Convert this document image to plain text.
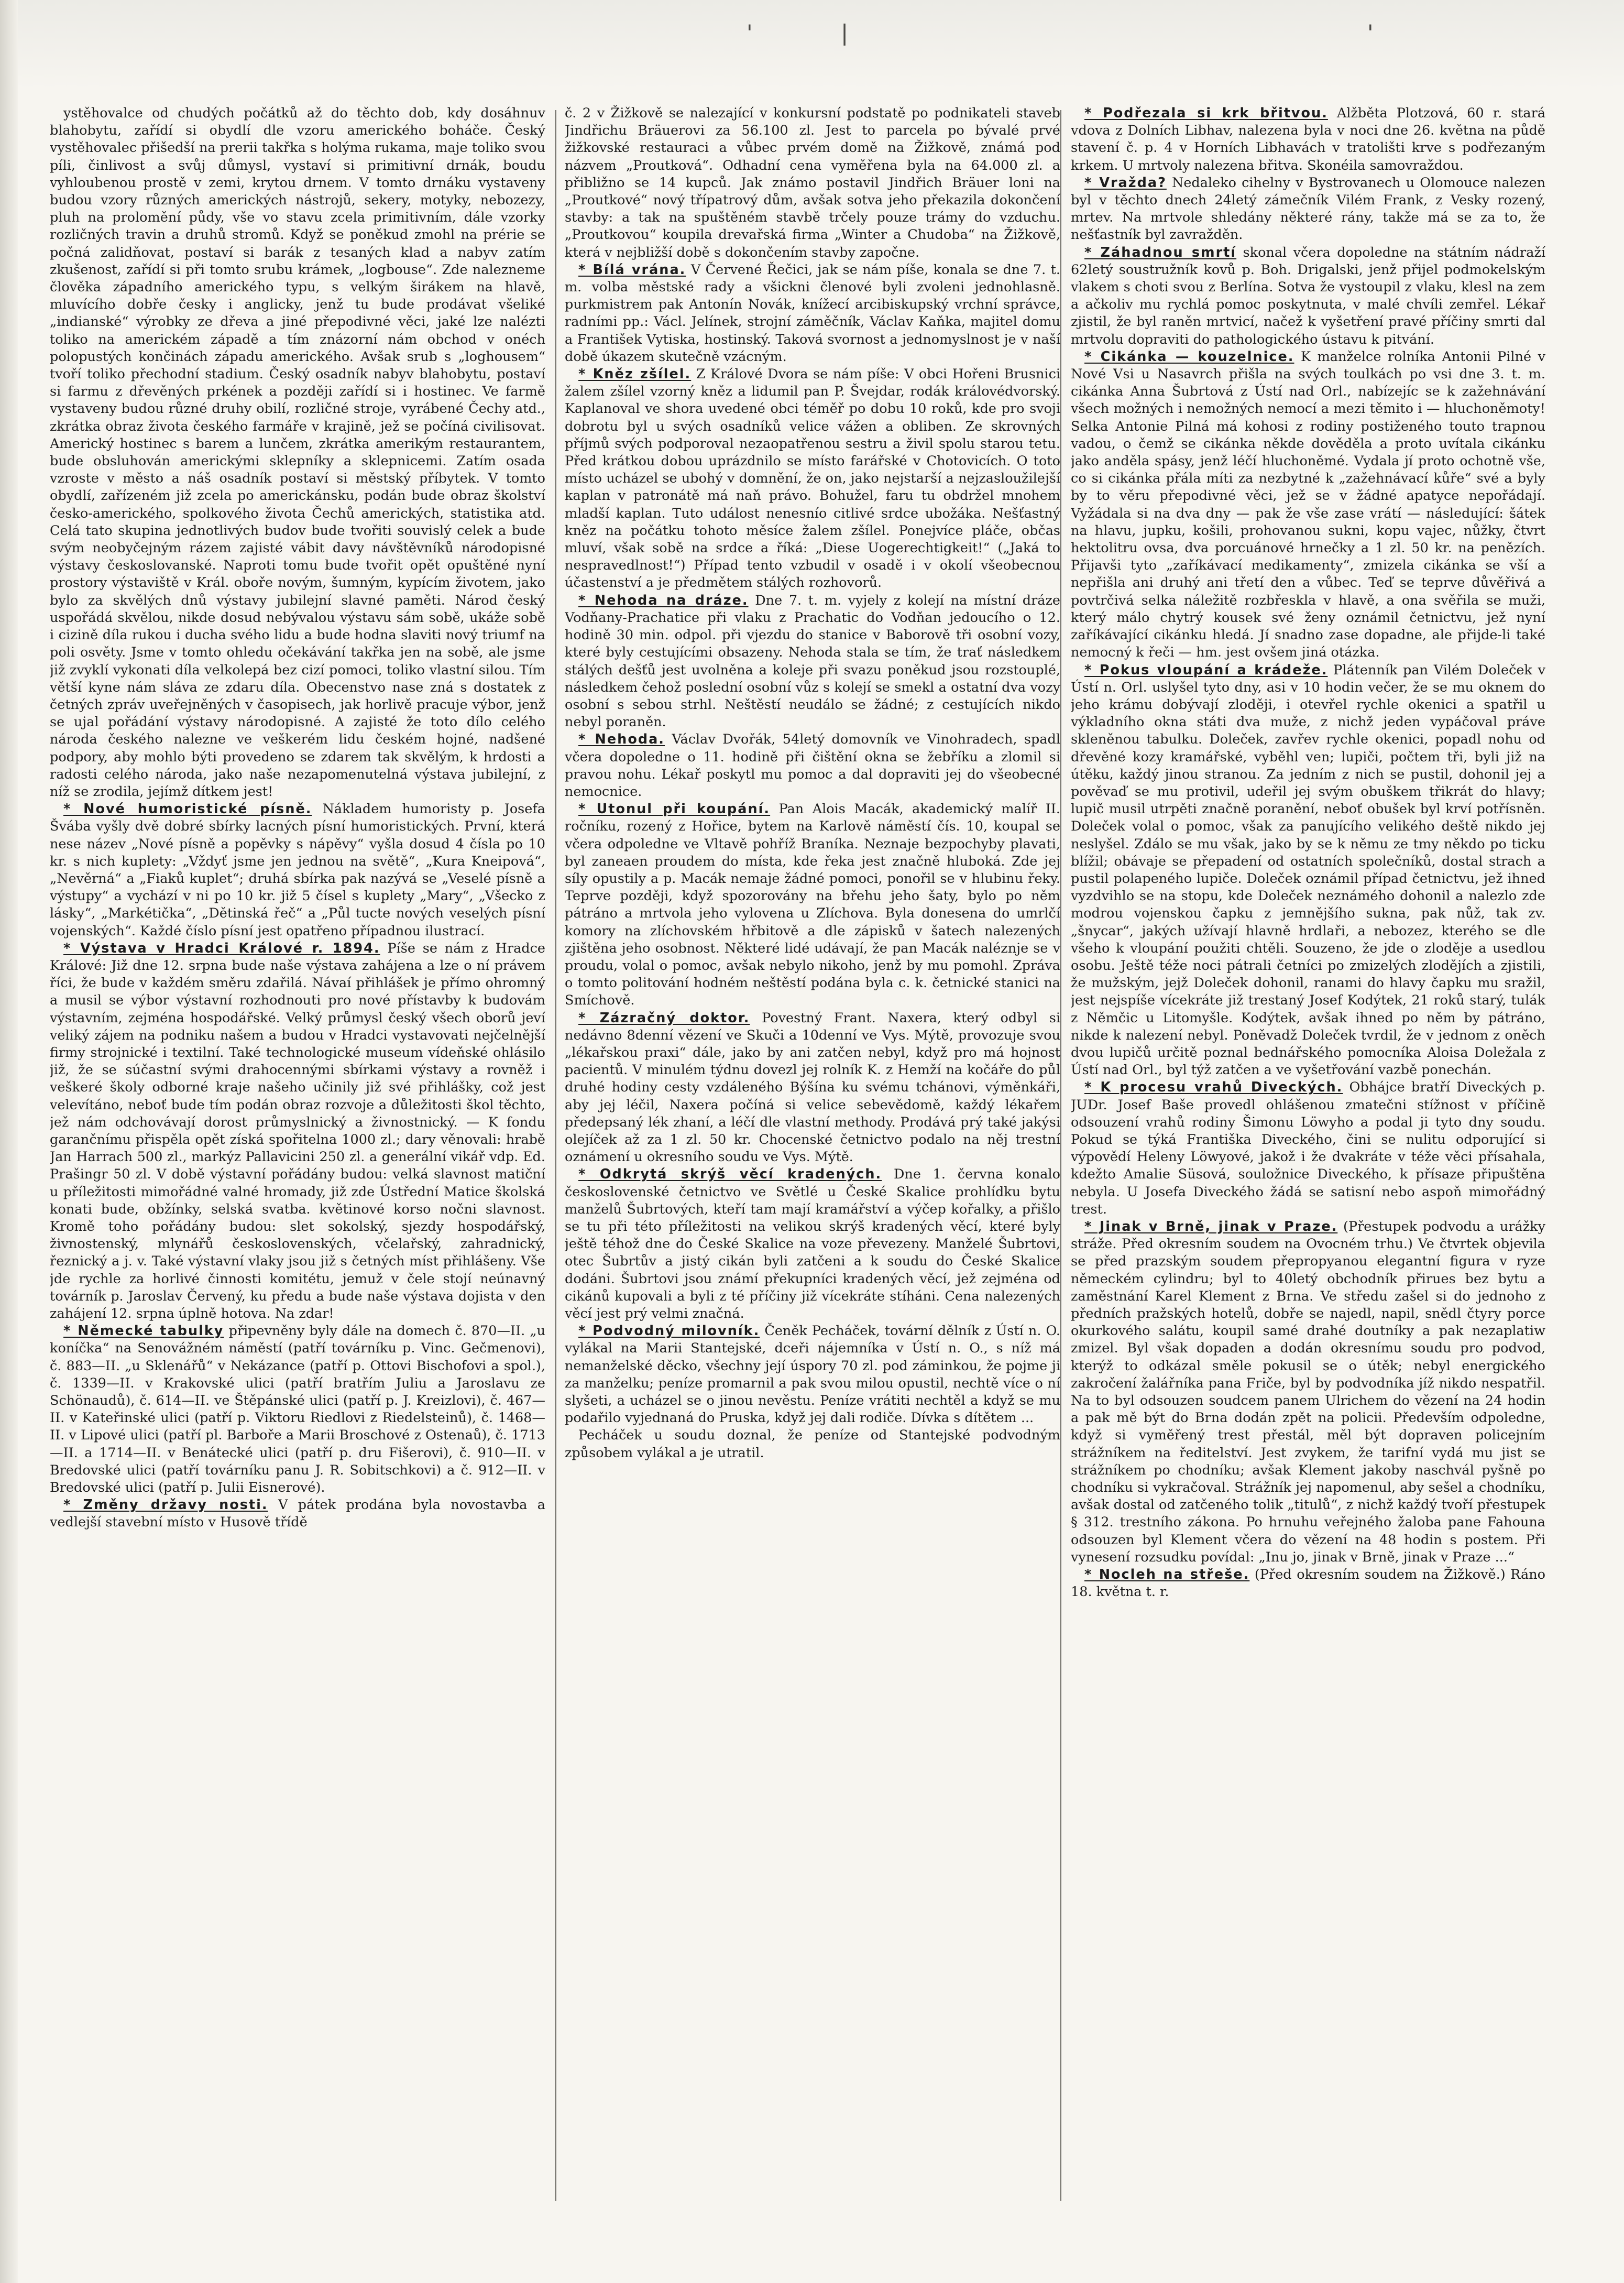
'	|	'

ystěhovalce od chudých počátků až do těchto dob, kdy dosáhnuv blahobytu, zařídí si obydlí dle vzoru amerického boháče. Český vystěhovalec přišedší na prerii takřka s holýma rukama, maje toliko svou píli, činlivost a svůj důmysl, vystaví si primitivní drnák, boudu vyhloubenou prostě v zemi, krytou drnem. V tomto drnáku vystaveny budou vzory různých amerických nástrojů, sekery, motyky, nebozezy, pluh na prolomění půdy, vše vo stavu zcela primitivním, dále vzorky rozličných travin a druhů stromů. Když se poněkud zmohl na prérie se počná zalidňovat, postaví si barák z tesaných klad a nabyv zatím zkušenost, zařídí si při tomto srubu krámek, „logbouse“. Zde nalezneme člověka západního amerického typu, s velkým širákem na hlavě, mluvícího dobře česky i anglicky, jenž tu bude prodávat všeliké „indianské“ výrobky ze dřeva a jiné přepodivné věci, jaké lze nalézti toliko na americkém západě a tím znázorní nám obchod v onéch polopustých končinách západu amerického. Avšak srub s „loghousem“ tvoří toliko přechodní stadium. Český osadník nabyv blahobytu, postaví si farmu z dřevěných prkének a později zařídí si i hostinec. Ve farmě vystaveny budou různé druhy obilí, rozličné stroje, vyrábené Čechy atd., zkrátka obraz života českého farmáře v krajině, jež se počíná civilisovat. Americký hostinec s barem a lunčem, zkrátka amerikým restaurantem, bude obsluhován americkými sklepníky a sklepnicemi. Zatím osada vzroste v město a náš osadník postaví si městský příbytek. V tomto obydlí, zařízeném již zcela po americkánsku, podán bude obraz školství česko-amerického, spolkového života Čechů amerických, statistika atd. Celá tato skupina jednotlivých budov bude tvořiti souvislý celek a bude svým neobyčejným rázem zajisté vábit davy návštěvníků národopisné výstavy českoslovanské. Naproti tomu bude tvořit opět opuštěné nyní prostory výstaviště v Král. oboře novým, šumným, kypícím životem, jako bylo za skvělých dnů výstavy jubilejní slavné paměti. Národ český uspořádá skvělou, nikde dosud nebývalou výstavu sám sobě, ukáže sobě i cizině díla rukou i ducha svého lidu a bude hodna slaviti nový triumf na poli osvěty. Jsme v tomto ohledu očekávání takřka jen na sobě, ale jsme již zvyklí vykonati díla velkolepá bez cizí pomoci, toliko vlastní silou. Tím větší kyne nám sláva ze zdaru díla. Obecenstvo nase zná s dostatek z četných zpráv uveřejněných v časopisech, jak horlivě pracuje výbor, jenž se ujal pořádání výstavy národopisné. A zajisté že toto dílo celého národa českého nalezne ve veškerém lidu českém hojné, nadšené podpory, aby mohlo býti provedeno se zdarem tak skvělým, k hrdosti a radosti celého národa, jako naše nezapomenutelná výstava jubilejní, z níž se zrodila, jejímž dítkem jest!

* Nové humoristické písně. Nákladem humoristy p. Josefa Švába vyšly dvě dobré sbírky lacných písní humoristických. První, která nese název „Nové písně a popěvky s nápěvy“ vyšla dosud 4 čísla po 10 kr. s nich kuplety: „Vždyť jsme jen jednou na světě“, „Kura Kneipová“, „Nevěrná“ a „Fiaků kuplet“; druhá sbírka pak nazývá se „Veselé písně a výstupy“ a vychází v ni po 10 kr. již 5 čísel s kuplety „Mary“, „Všecko z lásky“, „Markétička“, „Dětinská řeč“ a „Půl tucte nových veselých písní vojenských“. Každé číslo písní jest opatřeno případnou ilustrací.

* Výstava v Hradci Králové r. 1894. Píše se nám z Hradce Králové: Již dne 12. srpna bude naše výstava zahájena a lze o ní právem říci, že bude v každém směru zdařilá. Návaí přihlášek je přímo ohromný a musil se výbor výstavní rozhodnouti pro nové přístavby k budovám výstavním, zejména hospodářské. Velký průmysl český všech oborů jeví veliký zájem na podniku našem a budou v Hradci vystavovati nejčelnější firmy strojnické i textilní. Také technologické museum vídeňské ohlásilo již, že se súčastní svými drahocennými sbírkami výstavy a rovněž i veškeré školy odborné kraje našeho učinily již své přihlášky, což jest velevítáno, neboť bude tím podán obraz rozvoje a důležitosti škol těchto, jež nám odchovávají dorost průmyslnický a živnostnický. — K fondu garančnímu přispěla opět získá spořitelna 1000 zl.; dary věnovali: hrabě Jan Harrach 500 zl., markýz Pallavicini 250 zl. a generální vikář vdp. Ed. Prašingr 50 zl. V době výstavní pořádány budou: velká slavnost matiční u příležitosti mimořádné valné hromady, již zde Ústřední Matice školská konati bude, obžínky, selská svatba. květinové korso nočni slavnost. Kromě toho pořádány budou: slet sokolský, sjezdy hospodářský, živnostenský, mlynářů československých, včelařský, zahradnický, řeznický a j. v. Také výstavní vlaky jsou již s četných míst přihlášeny. Vše jde rychle za horlivé činnosti komitétu, jemuž v čele stojí neúnavný továrník p. Jaroslav Červený, ku předu a bude naše výstava dojista v den zahájení 12. srpna úplně hotova. Na zdar!

* Německé tabulky připevněny byly dále na domech č. 870—II. „u koníčka“ na Senovážném náměstí (patří továrníku p. Vinc. Gečmenovi), č. 883—II. „u Sklenářů“ v Nekázance (patří p. Ottovi Bischofovi a spol.), č. 1339—II. v Krakovské ulici (patří bratřím Juliu a Jaroslavu ze Schönaudů), č. 614—II. ve Štěpánské ulici (patří p. J. Kreizlovi), č. 467—II. v Kateřinské ulici (patří p. Viktoru Riedlovi z Riedelsteinů), č. 1468—II. v Lipové ulici (patří pl. Barboře a Marii Broschové z Ostenaů), č. 1713—II. a 1714—II. v Benátecké ulici (patří p. dru Fišerovi), č. 910—II. v Bredovské ulici (patří továrníku panu J. R. Sobitschkovi) a č. 912—II. v Bredovské ulici (patří p. Julii Eisnerové).

* Změny državy nosti. V pátek prodána byla novostavba a vedlejší stavební místo v Husově třídě

č. 2 v Žižkově se nalezající v konkursní podstatě po podnikateli staveb Jindřichu Bräuerovi za 56.100 zl. Jest to parcela po bývalé prvé žižkovské restauraci a vůbec prvém domě na Žižkově, známá pod názvem „Proutková“. Odhadní cena vyměřena byla na 64.000 zl. a přibližno se 14 kupců. Jak známo postavil Jindřich Bräuer loni na „Proutkové“ nový třípatrový dům, avšak sotva jeho překazila dokončení stavby: a tak na spuštěném stavbě trčely pouze trámy do vzduchu. „Proutkovou“ koupila drevařská firma „Winter a Chudoba“ na Žižkově, která v nejbližší době s dokončením stavby započne.

* Bílá vrána. V Červené Řečici, jak se nám píše, konala se dne 7. t. m. volba městské rady a všickni členové byli zvoleni jednohlasně. purkmistrem pak Antonín Novák, knížecí arcibiskupský vrchní správce, radními pp.: Václ. Jelínek, strojní záměčník, Václav Kaňka, majitel domu a František Vytiska, hostinský. Taková svornost a jednomyslnost je v naší době úkazem skutečně vzácným.

* Kněz zšílel. Z Králové Dvora se nám píše: V obci Hořeni Brusnici žalem zšílel vzorný kněz a lidumil pan P. Švejdar, rodák královédvorský. Kaplanoval ve shora uvedené obci téměř po dobu 10 roků, kde pro svoji dobrotu byl u svých osadníků velice vážen a obliben. Ze skrovných příjmů svých podporoval nezaopatřenou sestru a živil spolu starou tetu. Před krátkou dobou uprázdnilo se místo farářské v Chotovicích. O toto místo ucházel se ubohý v domnění, že on, jako nejstarší a nejzasloužilejší kaplan v patronátě má naň právo. Bohužel, faru tu obdržel mnohem mladší kaplan. Tuto událost nenesnío citlivé srdce ubožáka. Nešťastný kněz na počátku tohoto měsíce žalem zšílel. Ponejvíce pláče, občas mluví, však sobě na srdce a říká: „Diese Uogerechtigkeit!“ („Jaká to nespravedlnost!“) Případ tento vzbudil v osadě i v okolí všeobecnou účastenství a je předmětem stálých rozhovorů.

* Nehoda na dráze. Dne 7. t. m. vyjely z kolejí na místní dráze Vodňany-Prachatice při vlaku z Prachatic do Vodňan jedoucího o 12. hodině 30 min. odpol. při vjezdu do stanice v Baborově tři osobní vozy, které byly cestujícími obsazeny. Nehoda stala se tím, že trať následkem stálých dešťů jest uvolněna a koleje při svazu poněkud jsou rozstouplé, následkem čehož poslední osobní vůz s kolejí se smekl a ostatní dva vozy osobní s sebou strhl. Neštěstí neudálo se žádné; z cestujících nikdo nebyl poraněn.

* Nehoda. Václav Dvořák, 54letý domovník ve Vinohradech, spadl včera dopoledne o 11. hodině při čištění okna se žebříku a zlomil si pravou nohu. Lékař poskytl mu pomoc a dal dopraviti jej do všeobecné nemocnice.

* Utonul při koupání. Pan Alois Macák, akademický malíř II. ročníku, rozený z Hořice, bytem na Karlově náměstí čís. 10, koupal se včera odpoledne ve Vltavě pohříž Braníka. Neznaje bezpochyby plavati, byl zaneaen proudem do místa, kde řeka jest značně hluboká. Zde jej síly opustily a p. Macák nemaje žádné pomoci, ponořil se v hlubinu řeky. Teprve později, když spozorovány na břehu jeho šaty, bylo po něm pátráno a mrtvola jeho vylovena u Zlíchova. Byla donesena do umrlčí komory na zlíchovském hřbitově a dle zápisků v šatech nalezených zjištěna jeho osobnost. Některé lidé udávají, že pan Macák naléznje se v proudu, volal o pomoc, avšak nebylo nikoho, jenž by mu pomohl. Zpráva o tomto politování hodném neštěstí podána byla c. k. četnické stanici na Smíchově.

* Zázračný doktor. Povestný Frant. Naxera, který odbyl si nedávno 8denní vězení ve Skuči a 10denní ve Vys. Mýtě, provozuje svou „lékařskou praxi“ dále, jako by ani zatčen nebyl, když pro má hojnost pacientů. V minulém týdnu dovezl jej rolník K. z Hemží na kočáře do půl druhé hodiny cesty vzdáleného Býšína ku svému tchánovi, výměnkáři, aby jej léčil, Naxera počíná si velice sebevědomě, každý lékařem předepsaný lék zhaní, a léčí dle vlastní methody. Prodává prý také jakýsi olejíček až za 1 zl. 50 kr. Chocenské četnictvo podalo na něj trestní oznámení u okresního soudu ve Vys. Mýtě.

* Odkrytá skrýš věcí kradených. Dne 1. června konalo československé četnictvo ve Světlé u České Skalice prohlídku bytu manželů Šubrtových, kteří tam mají kramářství a výčep kořalky, a přišlo se tu při této příležitosti na velikou skrýš kradených věcí, které byly ještě téhož dne do České Skalice na voze převezeny. Manželé Šubrtovi, otec Šubrtův a jistý cikán byli zatčeni a k soudu do České Skalice dodáni. Šubrtovi jsou známí překupníci kradených věcí, jež zejména od cikánů kupovali a byli z té příčiny již vícekráte stíháni. Cena nalezených věcí jest prý velmi značná.

* Podvodný milovník. Čeněk Pecháček, tovární dělník z Ústí n. O. vylákal na Marii Stantejské, dceři nájemníka v Ústí n. O., s níž má nemanželské děcko, všechny její úspory 70 zl. pod záminkou, že pojme ji za manželku; peníze promarnil a pak svou milou opustil, nechtě více o ní slyšeti, a ucházel se o jinou nevěstu. Peníze vrátiti nechtěl a když se mu podařilo vyjednaná do Pruska, když jej dali rodiče. Dívka s dítětem ...

Pecháček u soudu doznal, že peníze od Stantejské podvodným způsobem vylákal a je utratil.

* Podřezala si krk břitvou. Alžběta Plotzová, 60 r. stará vdova z Dolních Libhav, nalezena byla v noci dne 26. května na půdě stavení č. p. 4 v Horních Libhavách v tratolišti krve s podřezaným krkem. U mrtvoly nalezena břitva. Skonéila samovraždou.

* Vražda? Nedaleko cihelny v Bystrovanech u Olomouce nalezen byl v těchto dnech 24letý zámečník Vilém Frank, z Vesky rozený, mrtev. Na mrtvole shledány některé rány, takže má se za to, že nešťastník byl zavražděn.

* Záhadnou smrtí skonal včera dopoledne na státním nádraží 62letý soustružník kovů p. Boh. Drigalski, jenž přijel podmokelským vlakem s choti svou z Berlína. Sotva že vystoupil z vlaku, klesl na zem a ačkoliv mu rychlá pomoc poskytnuta, v malé chvíli zemřel. Lékař zjistil, že byl raněn mrtvicí, načež k vyšetření pravé příčiny smrti dal mrtvolu dopraviti do pathologického ústavu k pitvání.

* Cikánka — kouzelnice. K manželce rolníka Antonii Pilné v Nové Vsi u Nasavrch přišla na svých toulkách po vsi dne 3. t. m. cikánka Anna Šubrtová z Ústí nad Orl., nabízejíc se k zažehnávání všech možných i nemožných nemocí a mezi těmito i — hluchoněmoty! Selka Antonie Pilná má kohosi z rodiny postiženého touto trapnou vadou, o čemž se cikánka někde dověděla a proto uvítala cikánku jako anděla spásy, jenž léčí hluchoněmé. Vydala jí proto ochotně vše, co si cikánka přála míti za nezbytné k „zažehnávací kůře“ své a byly by to věru přepodivné věci, jež se v žádné apatyce nepořádají. Vyžádala si na dva dny — pak že vše zase vrátí — následující: šátek na hlavu, jupku, košili, prohovanou sukni, kopu vajec, nůžky, čtvrt hektolitru ovsa, dva porcuánové hrnečky a 1 zl. 50 kr. na penězích. Přijavši tyto „zaříkávací medikamenty“, zmizela cikánka se vší a nepřišla ani druhý ani třetí den a vůbec. Teď se teprve důvěřivá a povtrčivá selka náležitě rozbřeskla v hlavě, a ona svěřila se muži, který málo chytrý kousek své ženy oznámil četnictvu, jež nyní zaříkávající cikánku hledá. Jí snadno zase dopadne, ale přijde-li také nemocný k řeči — hm. jest ovšem jiná otázka.

* Pokus vloupání a krádeže. Plátenník pan Vilém Doleček v Ústí n. Orl. uslyšel tyto dny, asi v 10 hodin večer, že se mu oknem do jeho krámu dobývají zloději, i otevřel rychle okenici a spatřil u výkladního okna státi dva muže, z nichž jeden vypáčoval práve skleněnou tabulku. Doleček, zavřev rychle okenici, popadl nohu od dřevěné kozy kramářské, vyběhl ven; lupiči, počtem tři, byli již na útěku, každý jinou stranou. Za jedním z nich se pustil, dohonil jej a pověvaď se mu protivil, udeřil jej svým obuškem třikrát do hlavy; lupič musil utrpěti značně poranění, neboť obušek byl krví potřísněn. Doleček volal o pomoc, však za panujícího velikého deště nikdo jej neslyšel. Zdálo se mu však, jako by se k němu ze tmy někdo po ticku blížil; obávaje se přepadení od ostatních společníků, dostal strach a pustil polapeného lupiče. Doleček oznámil případ četnictvu, jež ihned vyzdvihlo se na stopu, kde Doleček neznámého dohonil a nalezlo zde modrou vojenskou čapku z jemnějšího sukna, pak nůž, tak zv. „šnycar“, jakých užívají hlavně hrdlaři, a nebozez, kterého se dle všeho k vloupání použiti chtěli. Souzeno, že jde o zloděje a usedlou osobu. Ještě téže noci pátrali četníci po zmizelých zlodějích a zjistili, že mužským, jejž Doleček dohonil, ranami do hlavy čapku mu sražil, jest nejspíše vícekráte již trestaný Josef Kodýtek, 21 roků starý, tulák z Němčic u Litomyšle. Kodýtek, avšak ihned po něm by pátráno, nikde k nalezení nebyl. Poněvadž Doleček tvrdil, že v jednom z oněch dvou lupičů určitě poznal bednářského pomocníka Aloisa Doležala z Ústí nad Orl., byl týž zatčen a ve vyšetřování vazbě ponechán.

* K procesu vrahů Diveckých. Obhájce bratří Diveckých p. JUDr. Josef Baše provedl ohlášenou zmatečni stížnost v příčině odsouzení vrahů rodiny Šimonu Löwyho a podal ji tyto dny soudu. Pokud se týká Františka Diveckého, čini se nulitu odporující si výpovědí Heleny Löwyové, jakož i že dvakráte v téže věci přísahala, kdežto Amalie Süsová, souložnice Diveckého, k přísaze připuštěna nebyla. U Josefa Diveckého žádá se satisní nebo aspoň mimořádný trest.

* Jinak v Brně, jinak v Praze. (Přestupek podvodu a urážky stráže. Před okresním soudem na Ovocném trhu.) Ve čtvrtek objevila se před prazským soudem přepropyanou elegantní figura v ryze německém cylindru; byl to 40letý obchodník přirues bez bytu a zaměstnání Karel Klement z Brna. Ve středu zašel si do jednoho z předních pražských hotelů, dobře se najedl, napil, snědl čtyry porce okurkového salátu, koupil samé drahé doutníky a pak nezaplatiw zmizel. Byl však dopaden a dodán okresnímu soudu pro podvod, kterýž to odkázal směle pokusil se o útěk; nebyl energického zakročení žalářníka pana Friče, byl by podvodníka jíž nikdo nespatřil. Na to byl odsouzen soudcem panem Ulrichem do vězení na 24 hodin a pak mě být do Brna dodán zpět na policii. Především odpoledne, když si vyměřený trest přestál, měl být dopraven policejním strážníkem na ředitelství. Jest zvykem, že tarifní vydá mu jist se strážníkem po chodníku; avšak Klement jakoby naschvál pyšně po chodníku si vykračoval. Strážník jej napomenul, aby sešel a chodníku, avšak dostal od zatčeného tolik „titulů“, z nichž každý tvoří přestupek § 312. trestního zákona. Po hrnuhu veřejného žaloba pane Fahouna odsouzen byl Klement včera do vězení na 48 hodin s postem. Při vynesení rozsudku povídal: „Inu jo, jinak v Brně, jinak v Praze ...“

* Nocleh na střeše. (Před okresním soudem na Žižkově.) Ráno 18. května t. r.
